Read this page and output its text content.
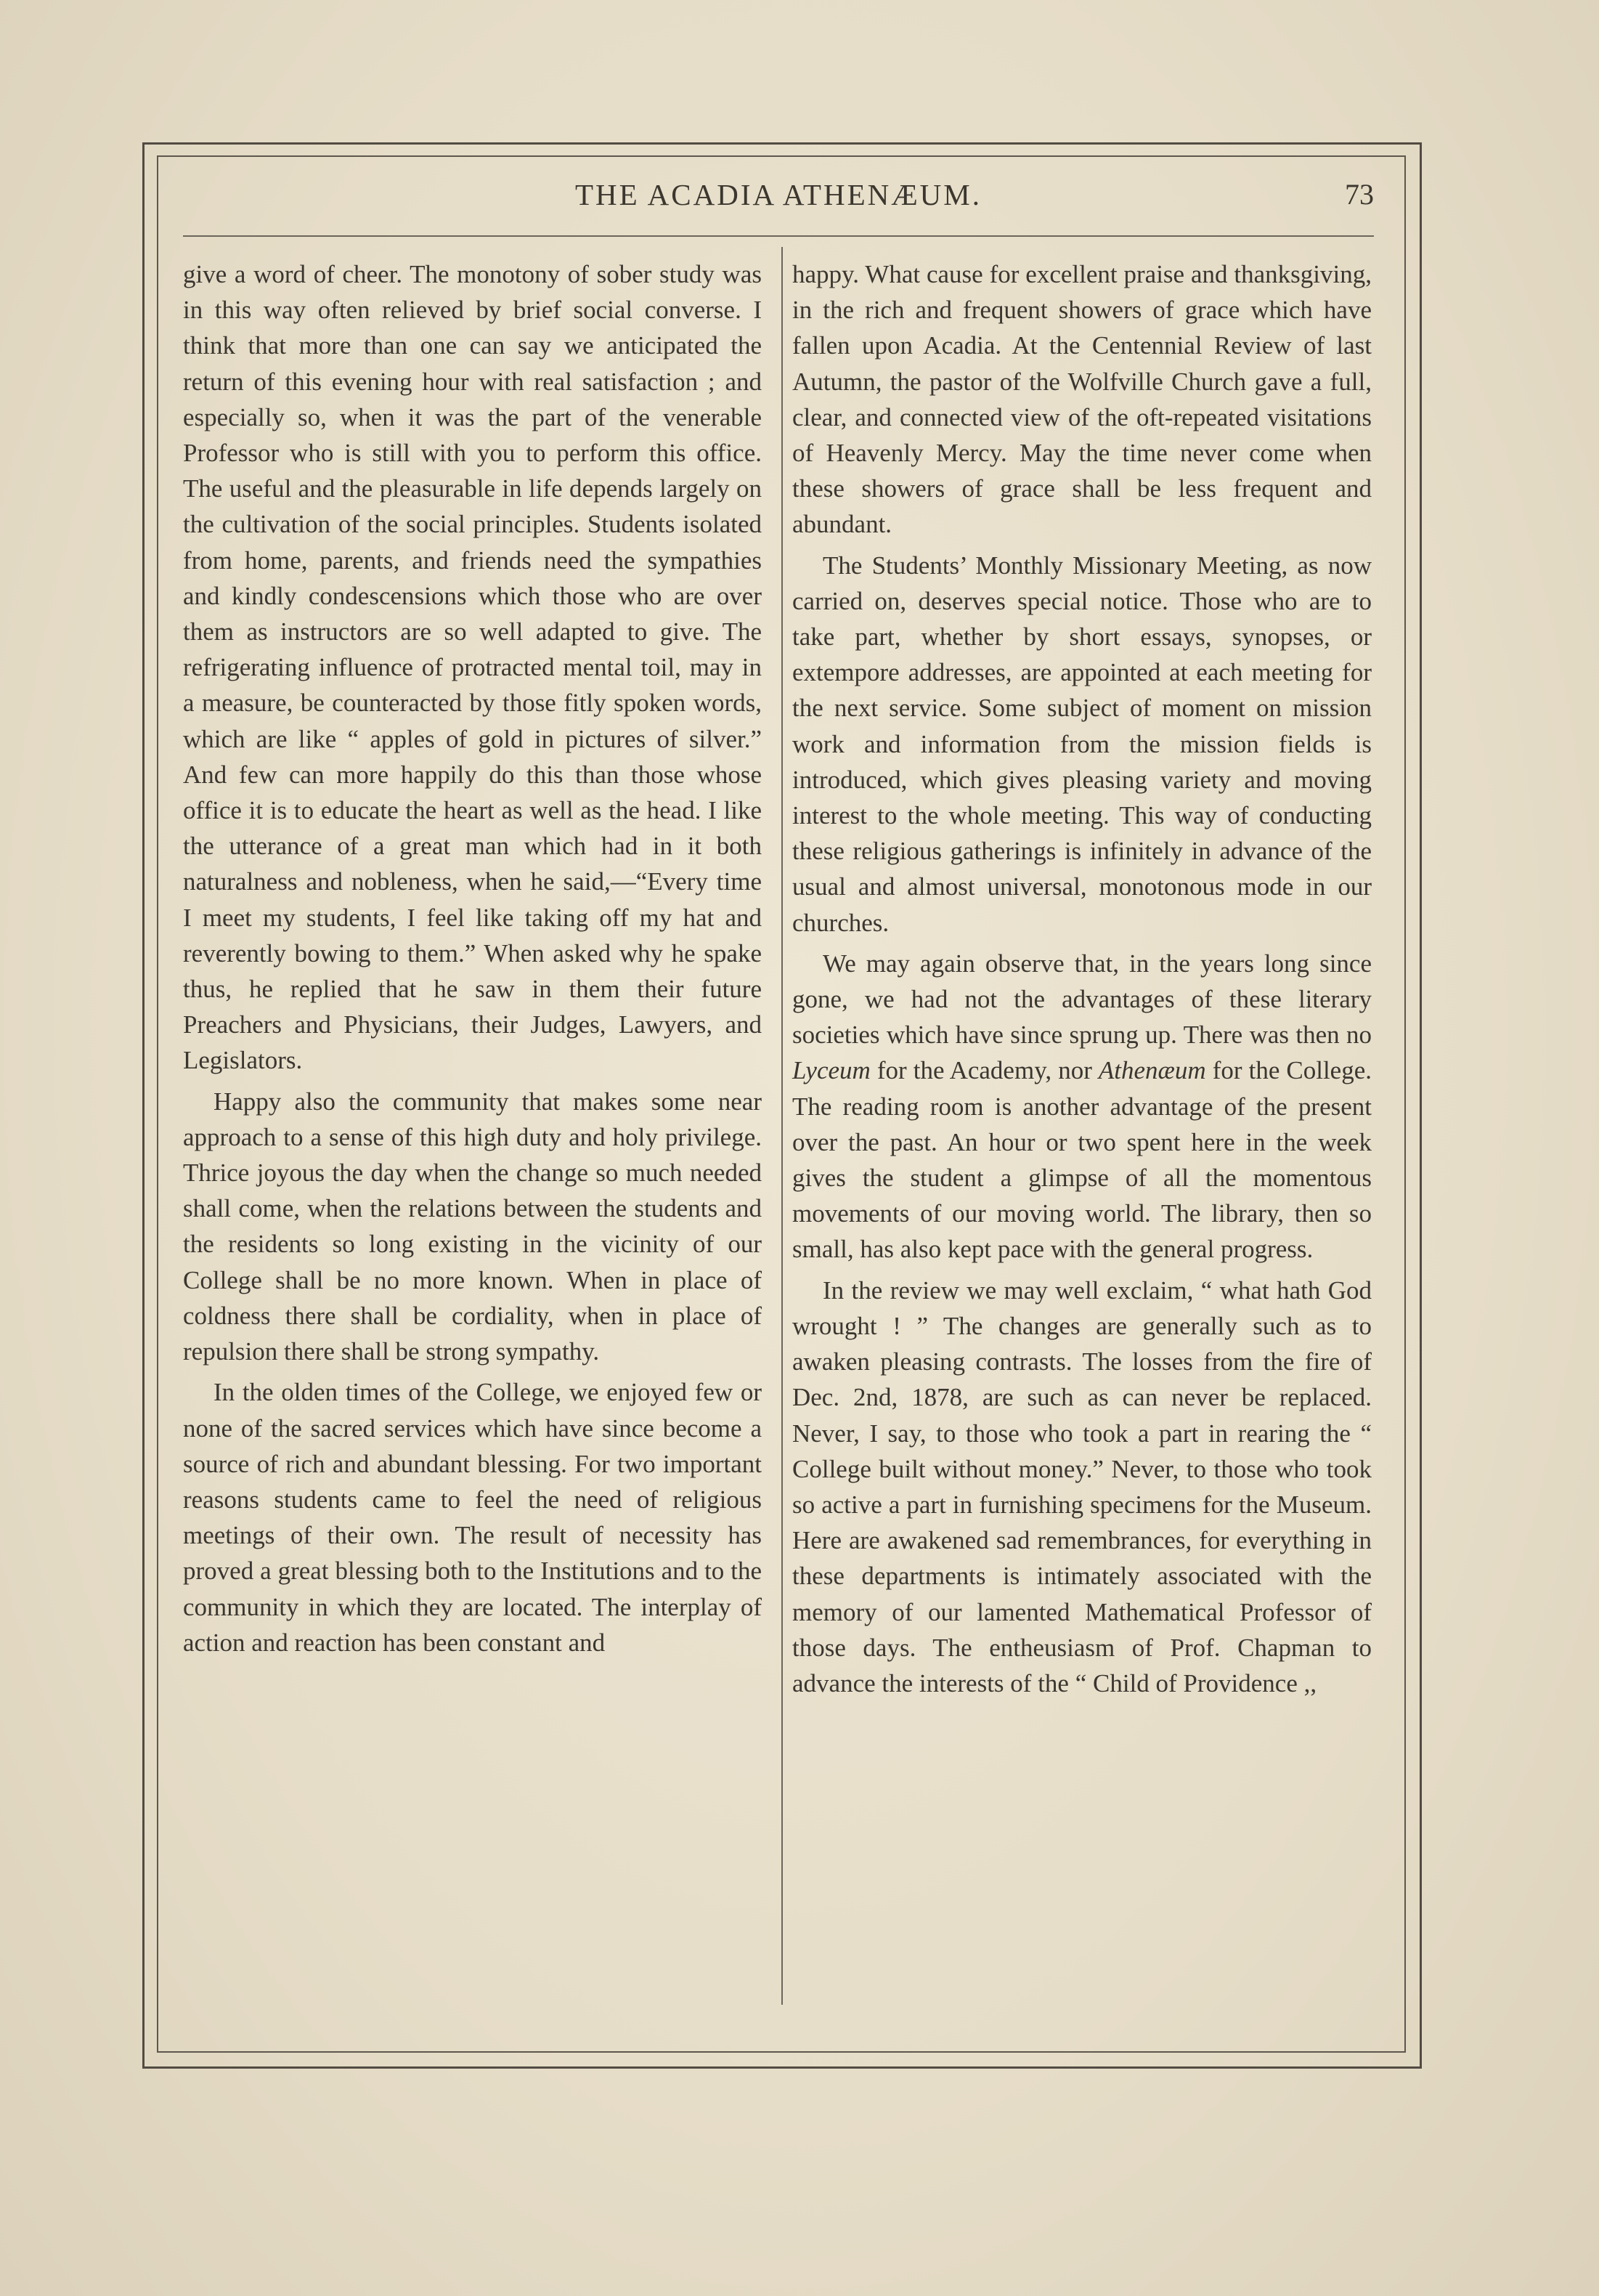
THE ACADIA ATHENÆUM.	73

give a word of cheer. The monotony of sober study was in this way often relieved by brief social converse. I think that more than one can say we anticipated the return of this evening hour with real satisfaction ; and especially so, when it was the part of the venerable Professor who is still with you to perform this office. The useful and the pleasurable in life depends largely on the cultivation of the social principles. Students isolated from home, parents, and friends need the sympathies and kindly condescensions which those who are over them as instructors are so well adapted to give. The refrigerating influence of protracted mental toil, may in a measure, be counteracted by those fitly spoken words, which are like “ apples of gold in pictures of silver.” And few can more happily do this than those whose office it is to educate the heart as well as the head. I like the utterance of a great man which had in it both naturalness and nobleness, when he said,—“Every time I meet my students, I feel like taking off my hat and reverently bowing to them.” When asked why he spake thus, he replied that he saw in them their future Preachers and Physicians, their Judges, Lawyers, and Legislators.

Happy also the community that makes some near approach to a sense of this high duty and holy privilege. Thrice joyous the day when the change so much needed shall come, when the relations between the students and the residents so long existing in the vicinity of our College shall be no more known. When in place of coldness there shall be cordiality, when in place of repulsion there shall be strong sympathy.

In the olden times of the College, we enjoyed few or none of the sacred services which have since become a source of rich and abundant blessing. For two important reasons students came to feel the need of religious meetings of their own. The result of necessity has proved a great blessing both to the Institutions and to the community in which they are located. The interplay of action and reaction has been constant and

happy. What cause for excellent praise and thanksgiving, in the rich and frequent showers of grace which have fallen upon Acadia. At the Centennial Review of last Autumn, the pastor of the Wolfville Church gave a full, clear, and connected view of the oft-repeated visitations of Heavenly Mercy. May the time never come when these showers of grace shall be less frequent and abundant.

The Students’ Monthly Missionary Meeting, as now carried on, deserves special notice. Those who are to take part, whether by short essays, synopses, or extempore addresses, are appointed at each meeting for the next service. Some subject of moment on mission work and information from the mission fields is introduced, which gives pleasing variety and moving interest to the whole meeting. This way of conducting these religious gatherings is infinitely in advance of the usual and almost universal, monotonous mode in our churches.

We may again observe that, in the years long since gone, we had not the advantages of these literary societies which have since sprung up. There was then no Lyceum for the Academy, nor Athenæum for the College. The reading room is another advantage of the present over the past. An hour or two spent here in the week gives the student a glimpse of all the momentous movements of our moving world. The library, then so small, has also kept pace with the general progress.

In the review we may well exclaim, “ what hath God wrought ! ” The changes are generally such as to awaken pleasing contrasts. The losses from the fire of Dec. 2nd, 1878, are such as can never be replaced. Never, I say, to those who took a part in rearing the “ College built without money.” Never, to those who took so active a part in furnishing specimens for the Museum. Here are awakened sad remembrances, for everything in these departments is intimately associated with the memory of our lamented Mathematical Professor of those days. The entheusiasm of Prof. Chapman to advance the interests of the “ Child of Providence ,,
